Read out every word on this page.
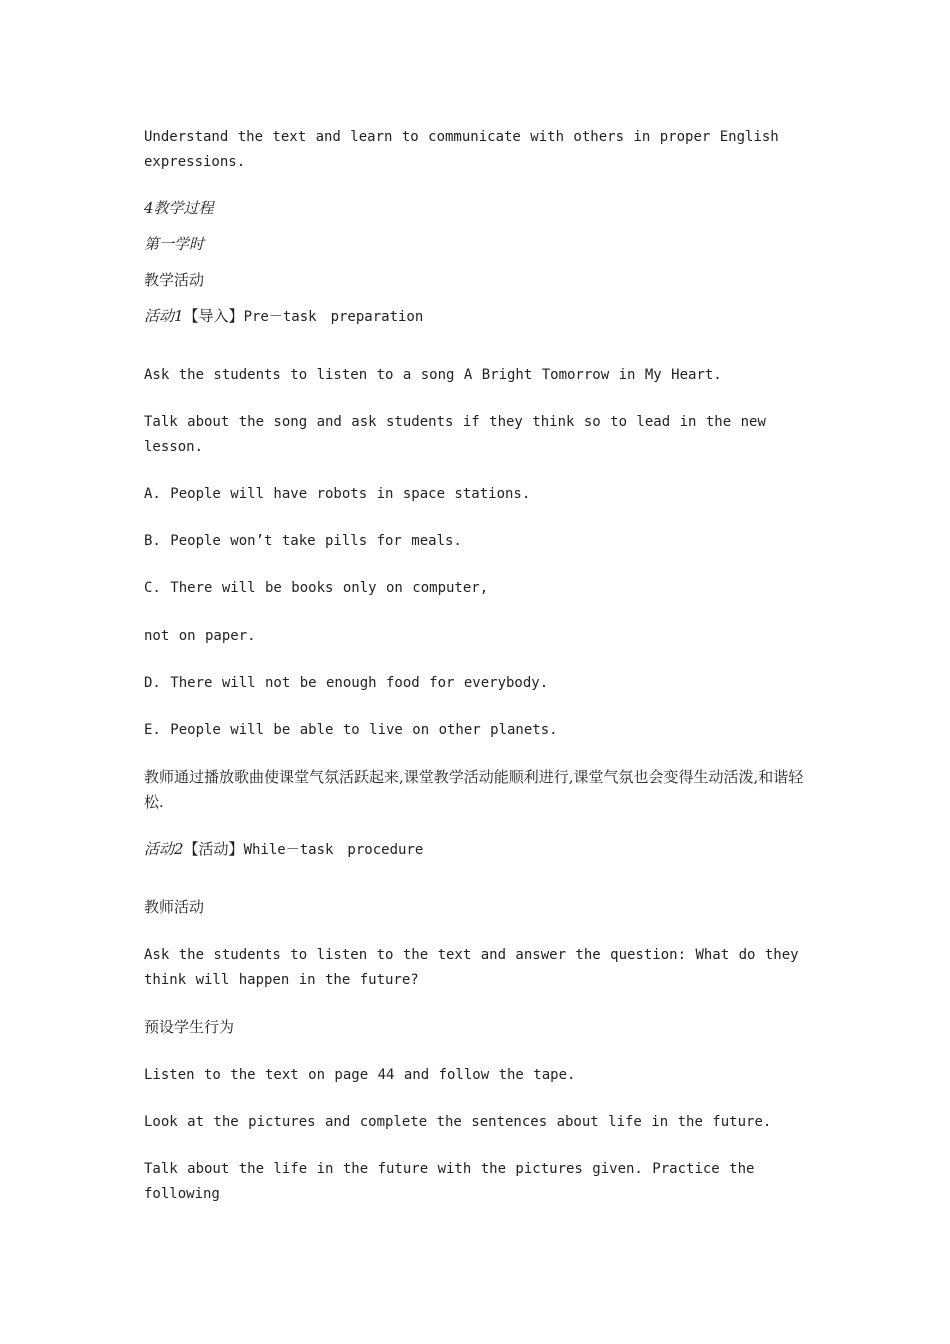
Understand the text and learn to communicate with others in proper English expressions.
4教学过程
第一学时
教学活动
活动1【导入】Pre－task　preparation
Ask the students to listen to a song A Bright Tomorrow in My Heart.
Talk about the song and ask students if they think so to lead in the new lesson.
A. People will have robots in space stations.
B. People won’t take pills for meals.
C. There will be books only on computer,
not on paper.
D. There will not be enough food for everybody.
E. People will be able to live on other planets.
教师通过播放歌曲使课堂气氛活跃起来,课堂教学活动能顺利进行,课堂气氛也会变得生动活泼,和谐轻松.
活动2【活动】While－task　procedure
教师活动
Ask the students to listen to the text and answer the question: What do they think will happen in the future?
预设学生行为
Listen to the text on page 44 and follow the tape.
Look at the pictures and complete the sentences about life in the future.
Talk about the life in the future with the pictures given. Practice the following
